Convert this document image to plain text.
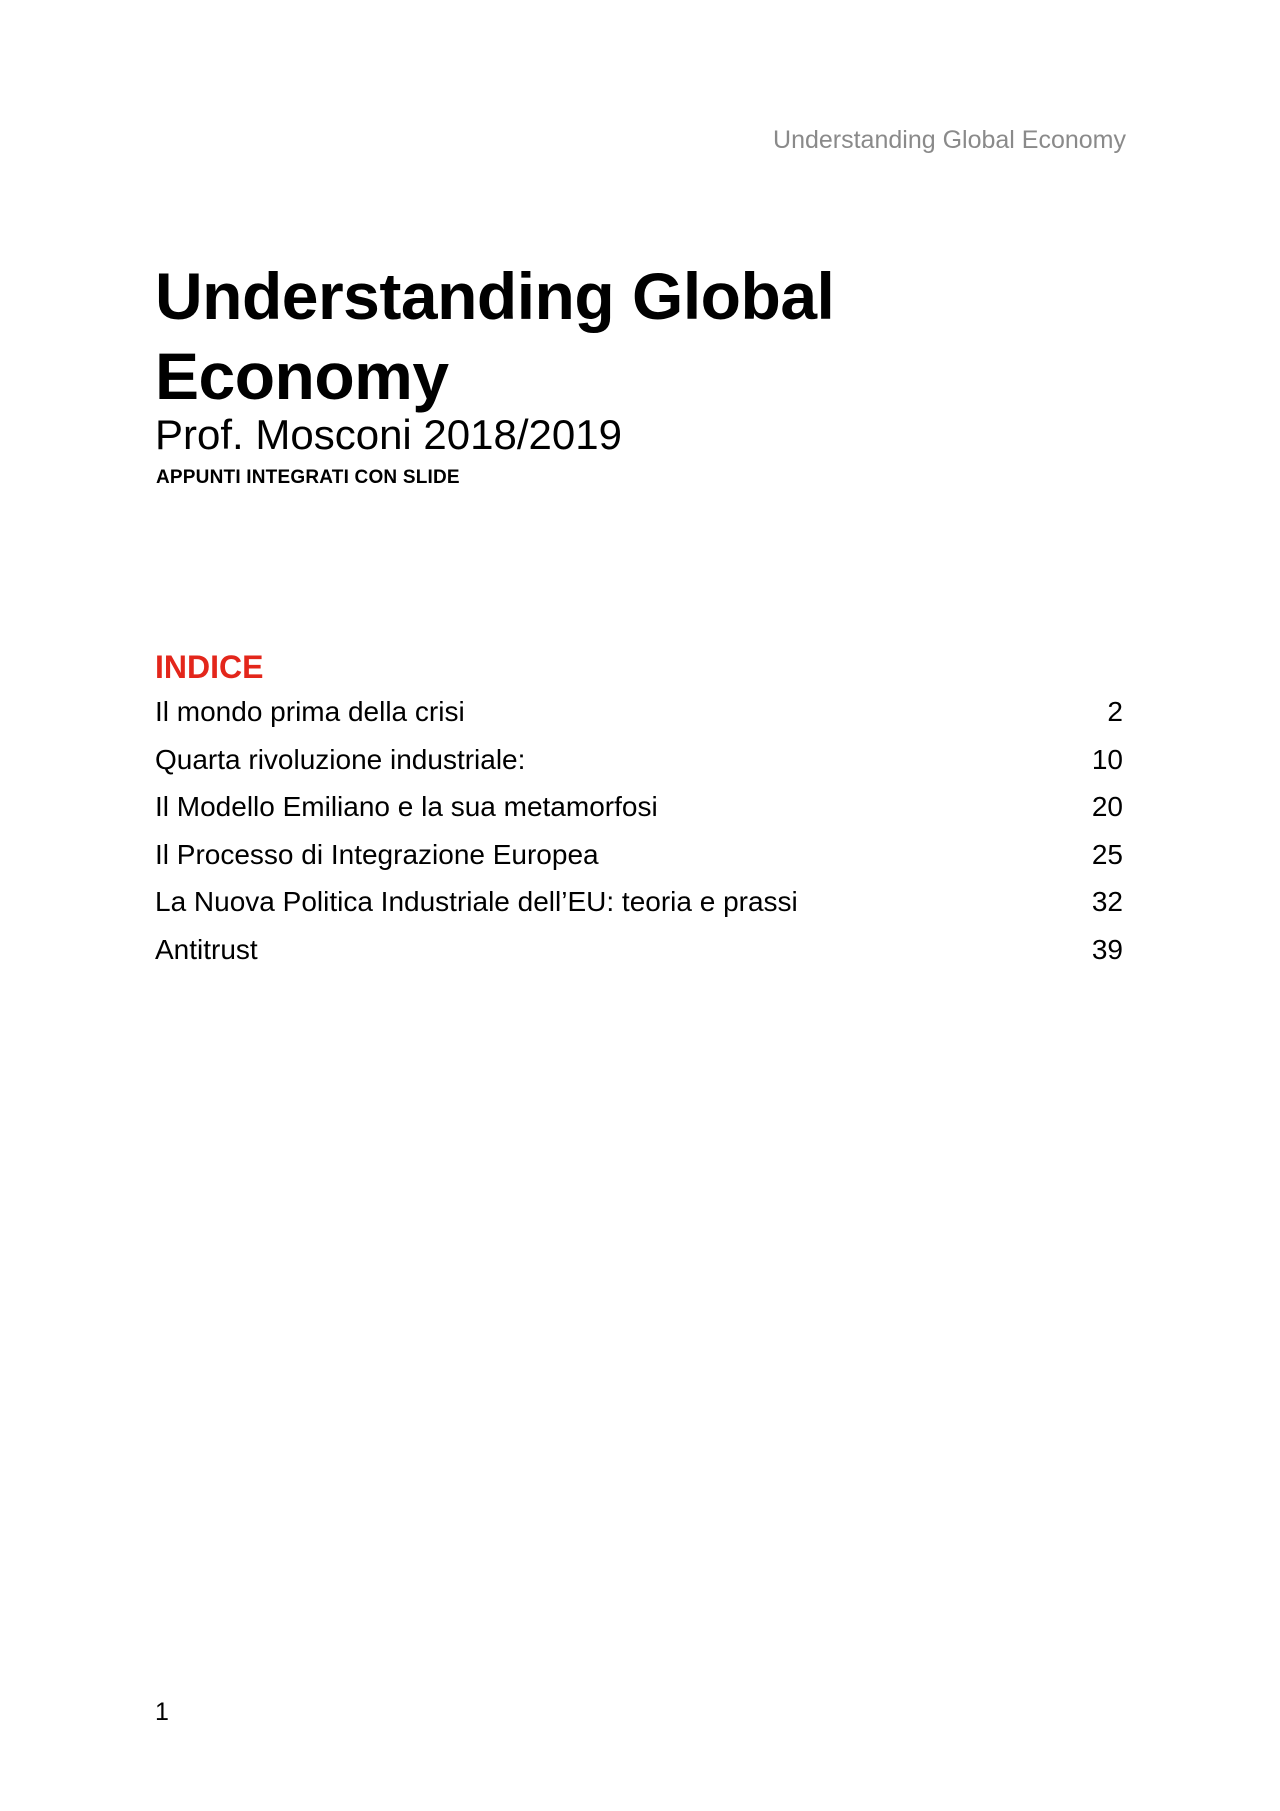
Understanding Global Economy
Understanding Global Economy
Prof. Mosconi 2018/2019
APPUNTI INTEGRATI CON SLIDE
INDICE
Il mondo prima della crisi	2
Quarta rivoluzione industriale:	10
Il Modello Emiliano e la sua metamorfosi	20
Il Processo di Integrazione Europea	25
La Nuova Politica Industriale dell’EU: teoria e prassi	32
Antitrust	39
1
